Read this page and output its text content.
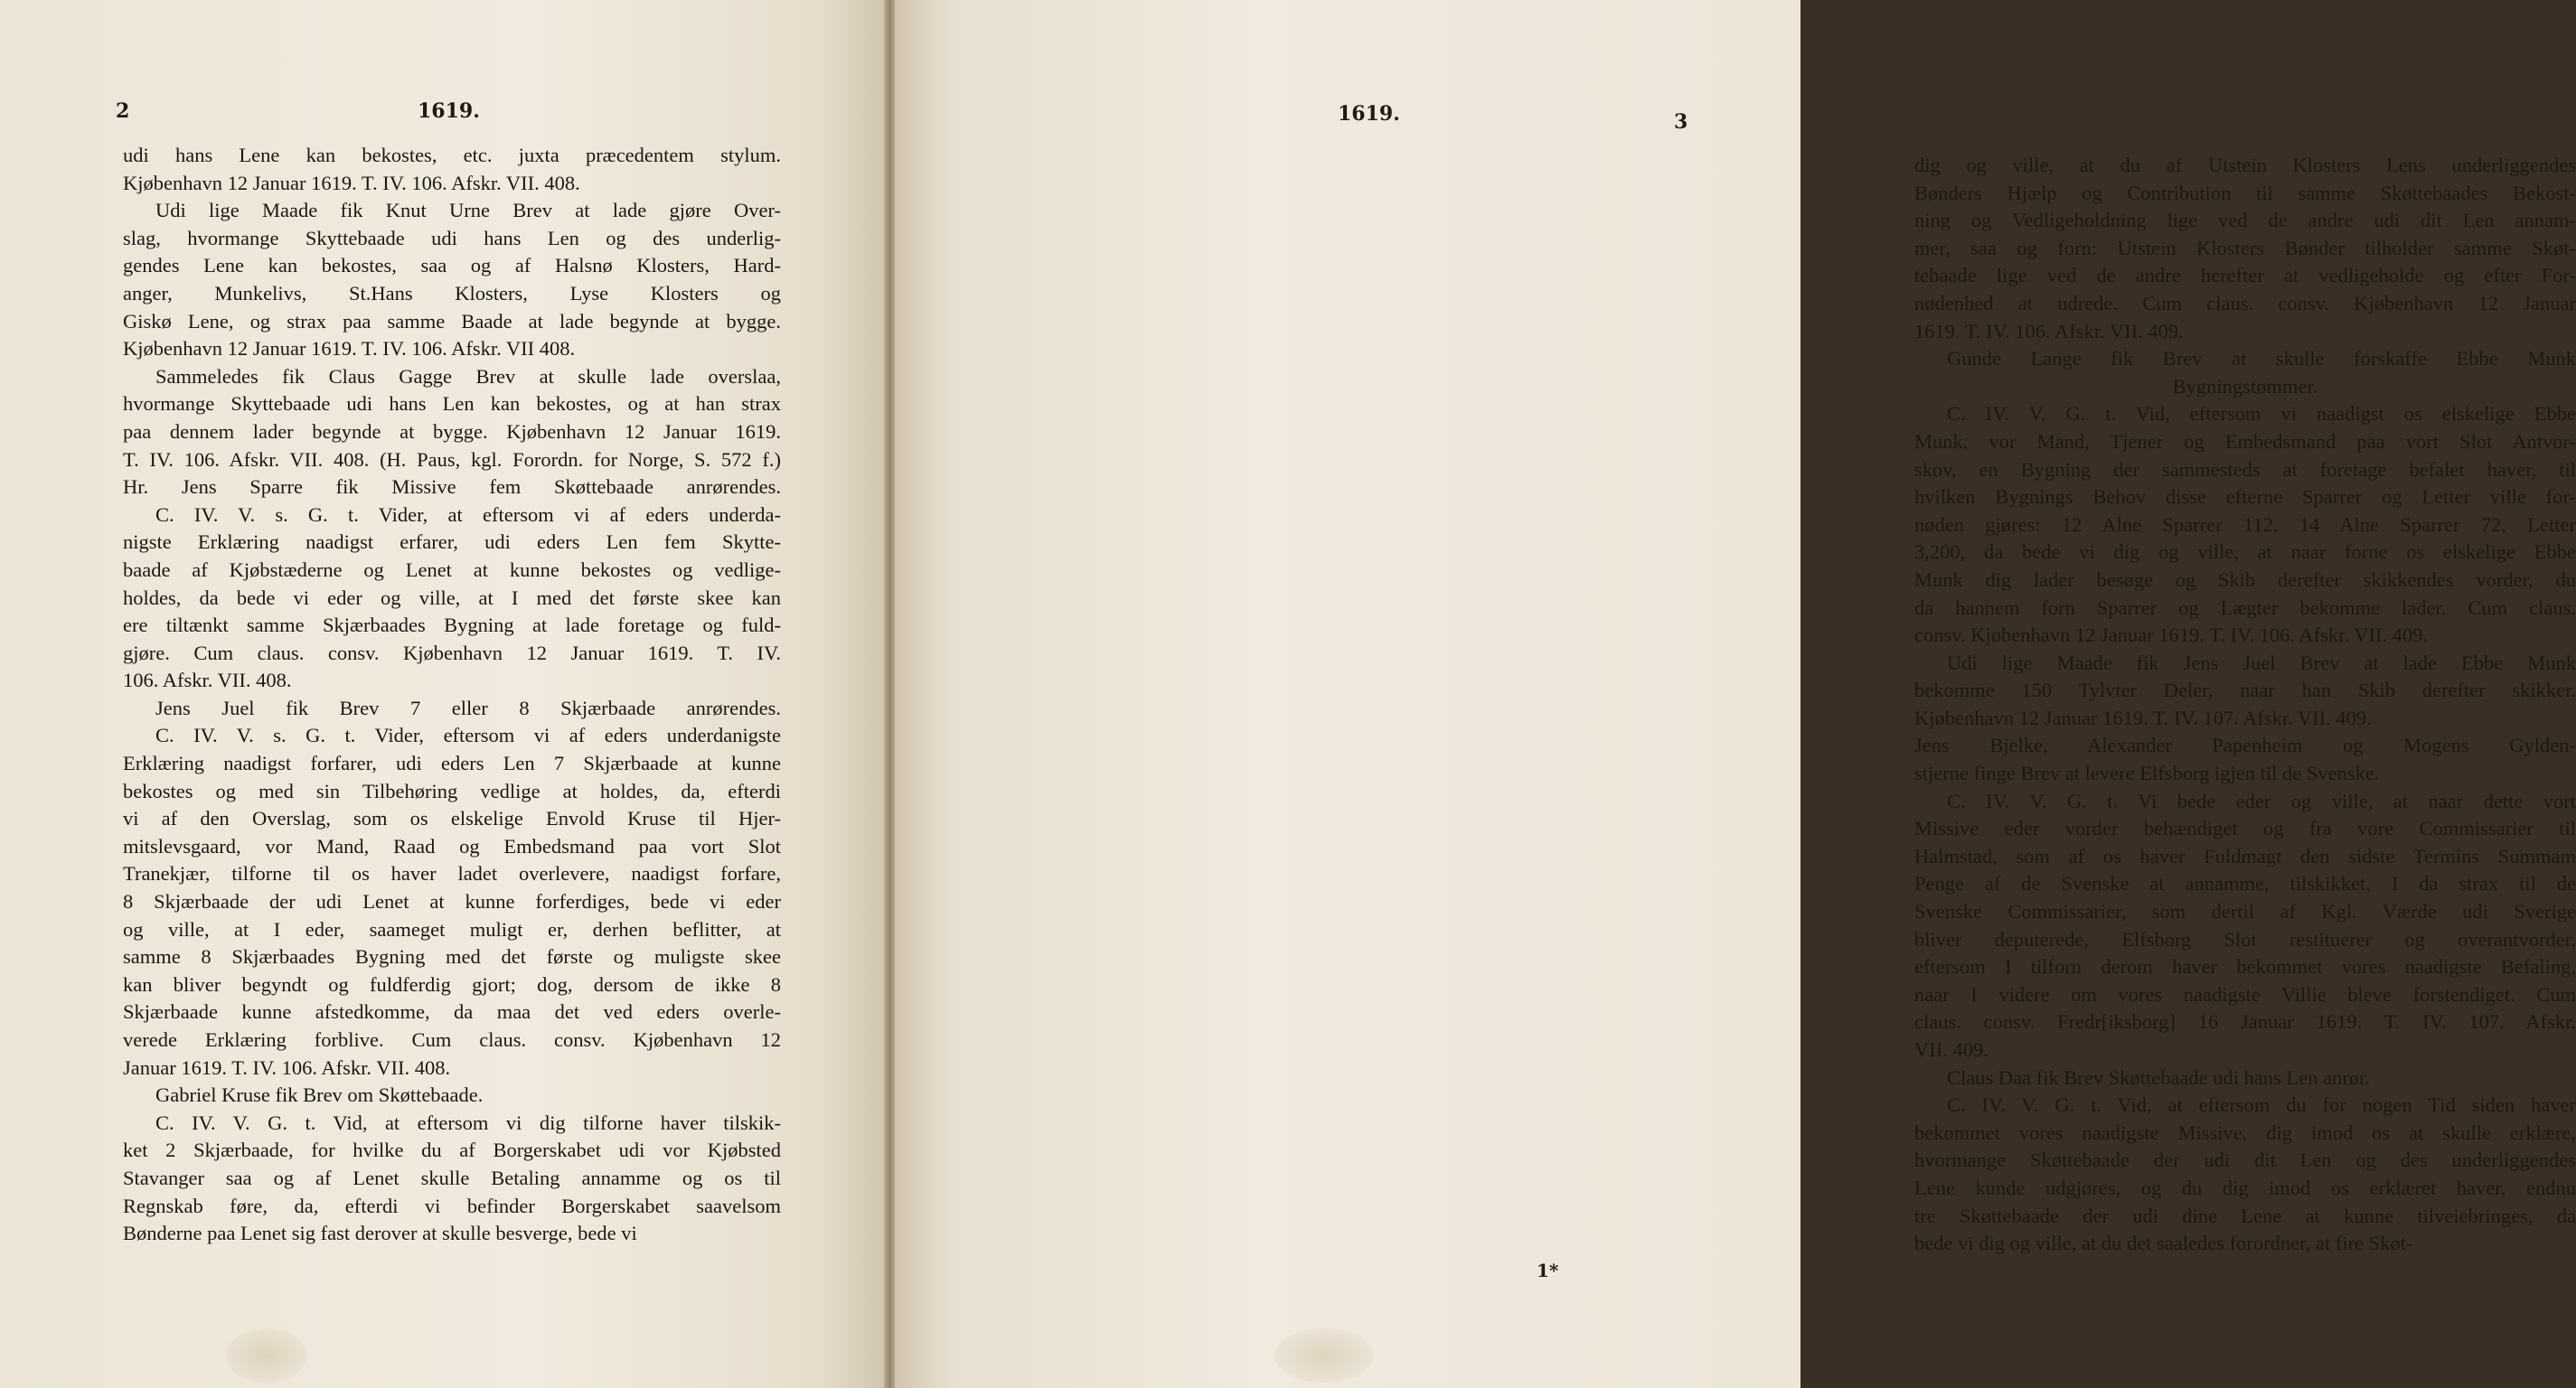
2	1619.
udi hans Lene kan bekostes, etc. juxta præcedentem stylum.
Kjøbenhavn 12 Januar 1619. T. IV. 106. Afskr. VII. 408.
Udi lige Maade fik Knut Urne Brev at lade gjøre Over-
slag, hvormange Skyttebaade udi hans Len og des underlig-
gendes Lene kan bekostes, saa og af Halsnø Klosters, Hard-
anger, Munkelivs, St.Hans Klosters, Lyse Klosters og
Giskø Lene, og strax paa samme Baade at lade begynde at bygge.
Kjøbenhavn 12 Januar 1619. T. IV. 106. Afskr. VII 408.
Sammeledes fik Claus Gagge Brev at skulle lade overslaa,
hvormange Skyttebaade udi hans Len kan bekostes, og at han strax
paa dennem lader begynde at bygge. Kjøbenhavn 12 Januar 1619.
T. IV. 106. Afskr. VII. 408. (H. Paus, kgl. Forordn. for Norge, S. 572 f.)
Hr. Jens Sparre fik Missive fem Skøttebaade anrørendes.
C. IV. V. s. G. t. Vider, at eftersom vi af eders underda-
nigste Erklæring naadigst erfarer, udi eders Len fem Skytte-
baade af Kjøbstæderne og Lenet at kunne bekostes og vedlige-
holdes, da bede vi eder og ville, at I med det første skee kan
ere tiltænkt samme Skjærbaades Bygning at lade foretage og fuld-
gjøre. Cum claus. consv. Kjøbenhavn 12 Januar 1619. T. IV.
106. Afskr. VII. 408.
Jens Juel fik Brev 7 eller 8 Skjærbaade anrørendes.
C. IV. V. s. G. t. Vider, eftersom vi af eders underdanigste
Erklæring naadigst forfarer, udi eders Len 7 Skjærbaade at kunne
bekostes og med sin Tilbehøring vedlige at holdes, da, efterdi
vi af den Overslag, som os elskelige Envold Kruse til Hjer-
mitslevsgaard, vor Mand, Raad og Embedsmand paa vort Slot
Tranekjær, tilforne til os haver ladet overlevere, naadigst forfare,
8 Skjærbaade der udi Lenet at kunne forferdiges, bede vi eder
og ville, at I eder, saameget muligt er, derhen beflitter, at
samme 8 Skjærbaades Bygning med det første og muligste skee
kan bliver begyndt og fuldferdig gjort; dog, dersom de ikke 8
Skjærbaade kunne afstedkomme, da maa det ved eders overle-
verede Erklæring forblive. Cum claus. consv. Kjøbenhavn 12
Januar 1619. T. IV. 106. Afskr. VII. 408.
Gabriel Kruse fik Brev om Skøttebaade.
C. IV. V. G. t. Vid, at eftersom vi dig tilforne haver tilskik-
ket 2 Skjærbaade, for hvilke du af Borgerskabet udi vor Kjøbsted
Stavanger saa og af Lenet skulle Betaling annamme og os til
Regnskab føre, da, efterdi vi befinder Borgerskabet saavelsom
Bønderne paa Lenet sig fast derover at skulle besverge, bede vi
1619.	3
dig og ville, at du af Utstein Klosters Lens underliggendes
Bønders Hjælp og Contribution til samme Skøttebaades Bekost-
ning og Vedligeholdning lige ved de andre udi dit Len annam-
mer, saa og forn: Utstein Klosters Bønder tilholder samme Skøt-
tebaade lige ved de andre herefter at vedligeholde og efter For-
nødenhed at udrede. Cum claus. consv. Kjøbenhavn 12 Januar
1619. T. IV. 106. Afskr. VII. 409.
Gunde Lange fik Brev at skulle forskaffe Ebbe Munk
Bygningstømmer.
C. IV. V. G. t. Vid, eftersom vi naadigst os elskelige Ebbe
Munk, vor Mand, Tjener og Embedsmand paa vort Slot Antvor-
skov, en Bygning der sammesteds at foretage befalet haver, til
hvilken Bygnings Behov disse efterne Sparrer og Letter ville for-
nøden gjøres: 12 Alne Sparrer 112, 14 Alne Sparrer 72, Letter
3,200, da bede vi dig og ville, at naar forne os elskelige Ebbe
Munk dig lader besøge og Skib derefter skikkendes vorder, du
da hannem forn Sparrer og Lægter bekomme lader. Cum claus.
consv. Kjøbenhavn 12 Januar 1619. T. IV. 106. Afskr. VII. 409.
Udi lige Maade fik Jens Juel Brev at lade Ebbe Munk
bekomme 150 Tylvter Deler, naar han Skib derefter skikker.
Kjøbenhavn 12 Januar 1619. T. IV. 107. Afskr. VII. 409.
Jens Bjelke, Alexander Papenheim og Mogens Gylden-
stjerne finge Brev at levere Elfsborg igjen til de Svenske.
C. IV. V. G. t. Vi bede eder og ville, at naar dette vort
Missive eder vorder behændiget og fra vore Commissarier til
Halmstad, som af os haver Fuldmagt den sidste Termins Summam
Penge af de Svenske at annamme, tilskikket, I da strax til de
Svenske Commissarier, som dertil af Kgl. Værde udi Sverige
bliver deputerede, Elfsborg Slot restituerer og overantvorder,
eftersom I tilforn derom haver bekommet vores naadigste Befaling,
naar I videre om vores naadigste Villie bleve forstendiget. Cum
claus. consv. Fredr[iksborg] 16 Januar 1619. T. IV. 107. Afskr.
VII. 409.
Claus Daa fik Brev Skøttebaade udi hans Len anrør.
C. IV. V. G. t. Vid, at eftersom du for nogen Tid siden haver
bekommet vores naadigste Missive, dig imod os at skulle erklære,
hvormange Skøttebaade der udi dit Len og des underliggendes
Lene kunde udgjøres, og du dig imod os erklæret haver, endnu
tre Skøttebaade der udi dine Lene at kunne tilveiebringes, da
bede vi dig og ville, at du det saaledes forordner, at fire Skøt-
1*
